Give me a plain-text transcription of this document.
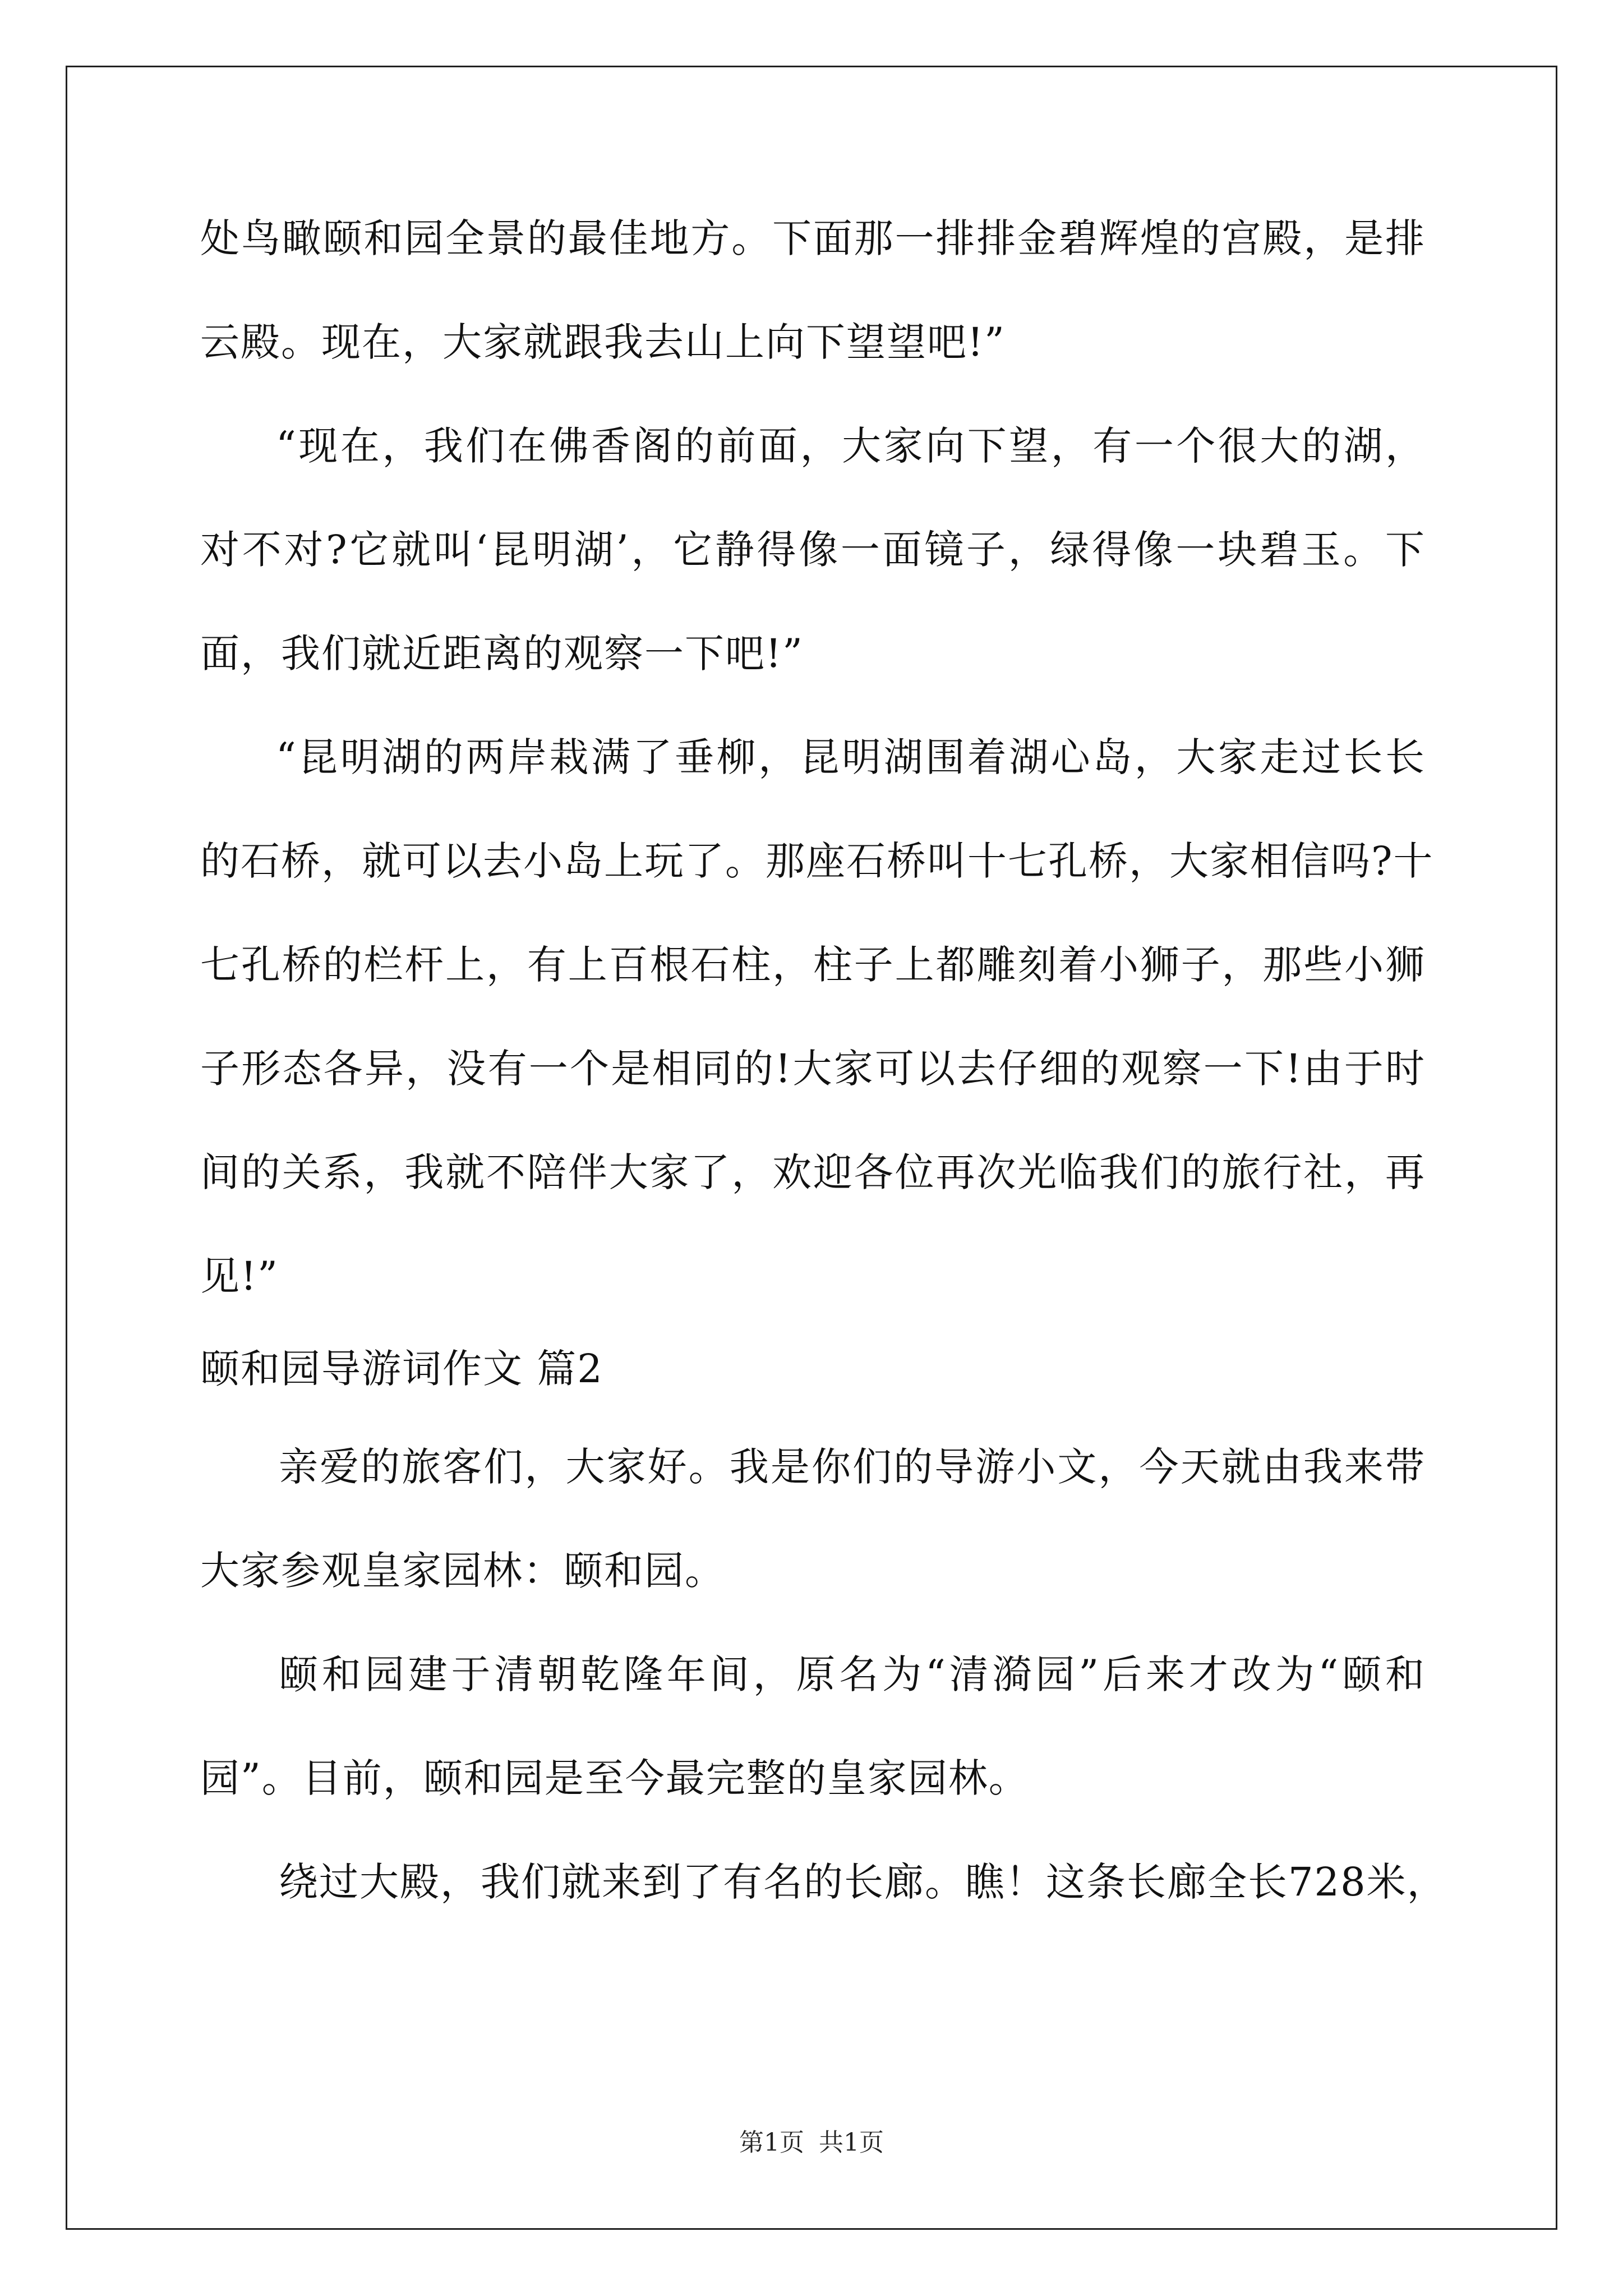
处鸟瞰颐和园全景的最佳地方。下面那一排排金碧辉煌的宫殿，是排
云殿。现在，大家就跟我去山上向下望望吧!”
“现在，我们在佛香阁的前面，大家向下望，有一个很大的湖，
对不对?它就叫‘昆明湖’，它静得像一面镜子，绿得像一块碧玉。下
面，我们就近距离的观察一下吧!”
“昆明湖的两岸栽满了垂柳，昆明湖围着湖心岛，大家走过长长
的石桥，就可以去小岛上玩了。那座石桥叫十七孔桥，大家相信吗?十
七孔桥的栏杆上，有上百根石柱，柱子上都雕刻着小狮子，那些小狮
子形态各异，没有一个是相同的!大家可以去仔细的观察一下!由于时
间的关系，我就不陪伴大家了，欢迎各位再次光临我们的旅行社，再
见!”
颐和园导游词作文 篇2
亲爱的旅客们，大家好。我是你们的导游小文，今天就由我来带
大家参观皇家园林：颐和园。
颐和园建于清朝乾隆年间，原名为“清漪园”后来才改为“颐和
园”。目前，颐和园是至今最完整的皇家园林。
绕过大殿，我们就来到了有名的长廊。瞧！这条长廊全长728米，
第1页 共1页
